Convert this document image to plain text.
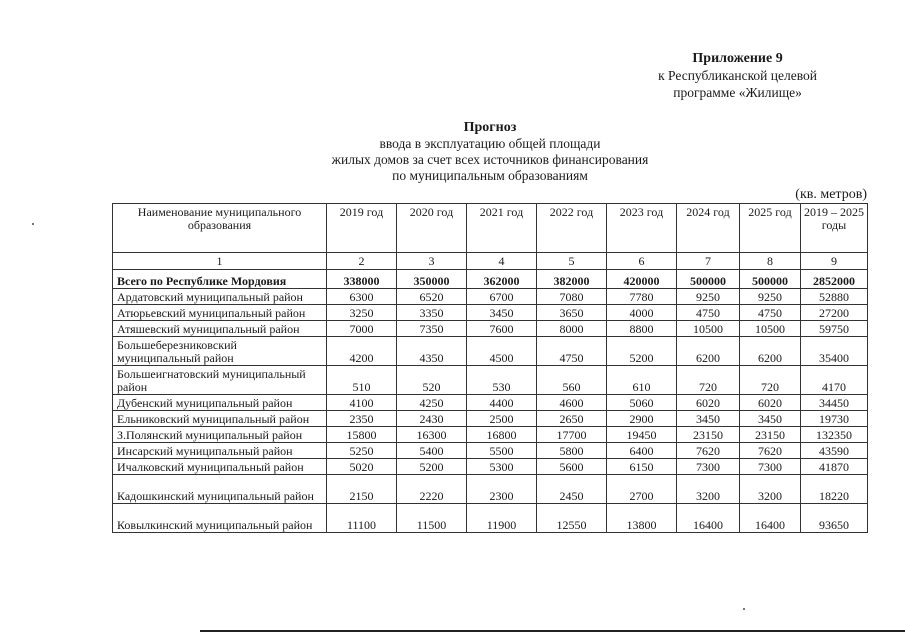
Приложение 9
к Республиканской целевой
программе «Жилище»
Прогноз
ввода в эксплуатацию общей площади
жилых домов за счет всех источников финансирования
по муниципальным образованиям
(кв. метров)
Наименование муниципального образования	2019 год	2020 год	2021 год	2022 год	2023 год	2024 год	2025 год	2019 – 2025 годы
1	2	3	4	5	6	7	8	9
Всего по Республике Мордовия	338000	350000	362000	382000	420000	500000	500000	2852000
Ардатовский муниципальный район	6300	6520	6700	7080	7780	9250	9250	52880
Атюрьевский муниципальный район	3250	3350	3450	3650	4000	4750	4750	27200
Атяшевский муниципальный район	7000	7350	7600	8000	8800	10500	10500	59750
Большеберезниковский муниципальный район	4200	4350	4500	4750	5200	6200	6200	35400
Большеигнатовский муниципальный район	510	520	530	560	610	720	720	4170
Дубенский муниципальный район	4100	4250	4400	4600	5060	6020	6020	34450
Ельниковский муниципальный район	2350	2430	2500	2650	2900	3450	3450	19730
З.Полянский муниципальный район	15800	16300	16800	17700	19450	23150	23150	132350
Инсарский муниципальный район	5250	5400	5500	5800	6400	7620	7620	43590
Ичалковский муниципальный район	5020	5200	5300	5600	6150	7300	7300	41870
Кадошкинский муниципальный район	2150	2220	2300	2450	2700	3200	3200	18220
Ковылкинский муниципальный район	11100	11500	11900	12550	13800	16400	16400	93650
